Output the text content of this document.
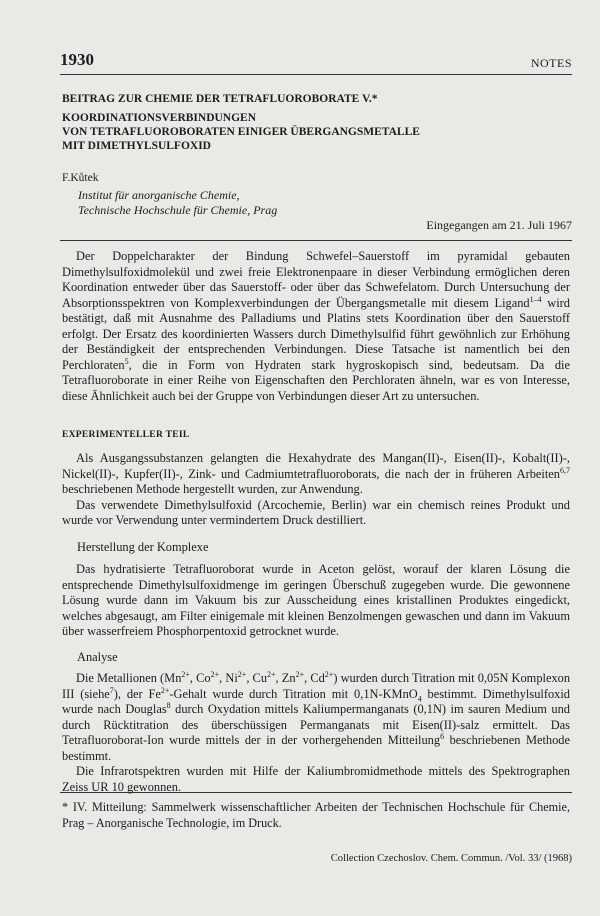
1930	NOTES
BEITRAG ZUR CHEMIE DER TETRAFLUOROBORATE V.*
KOORDINATIONSVERBINDUNGEN
VON TETRAFLUOROBORATEN EINIGER ÜBERGANGSMETALLE
MIT DIMETHYLSULFOXID
F.Kůtek
Institut für anorganische Chemie,
Technische Hochschule für Chemie, Prag
Eingegangen am 21. Juli 1967

Der Doppelcharakter der Bindung Schwefel–Sauerstoff im pyramidal gebauten Dimethylsulfoxidmolekül und zwei freie Elektronenpaare in dieser Verbindung ermöglichen deren Koordination entweder über das Sauerstoff- oder über das Schwefelatom. Durch Untersuchung der Absorptionsspektren von Komplexverbindungen der Übergangsmetalle mit diesem Ligand$^{1-4}$ wird bestätigt, daß mit Ausnahme des Palladiums und Platins stets Koordination über den Sauerstoff erfolgt. Der Ersatz des koordinierten Wassers durch Dimethylsulfid führt gewöhnlich zur Erhöhung der Beständigkeit der entsprechenden Verbindungen. Diese Tatsache ist namentlich bei den Perchloraten$^5$, die in Form von Hydraten stark hygroskopisch sind, bedeutsam. Da die Tetrafluoroborate in einer Reihe von Eigenschaften den Perchloraten ähneln, war es von Interesse, diese Ähnlichkeit auch bei der Gruppe von Verbindungen dieser Art zu untersuchen.

EXPERIMENTELLER TEIL

Als Ausgangssubstanzen gelangten die Hexahydrate des Mangan(II)-, Eisen(II)-, Kobalt(II)-, Nickel(II)-, Kupfer(II)-, Zink- und Cadmiumtetrafluoroborats, die nach der in früheren Arbeiten$^{6,7}$ beschriebenen Methode hergestellt wurden, zur Anwendung.

Das verwendete Dimethylsulfoxid (Arcochemie, Berlin) war ein chemisch reines Produkt und wurde vor Verwendung unter vermindertem Druck destilliert.

Herstellung der Komplexe

Das hydratisierte Tetrafluoroborat wurde in Aceton gelöst, worauf der klaren Lösung die entsprechende Dimethylsulfoxidmenge im geringen Überschuß zugegeben wurde. Die gewonnene Lösung wurde dann im Vakuum bis zur Ausscheidung eines kristallinen Produktes eingedickt, welches abgesaugt, am Filter einigemale mit kleinen Benzolmengen gewaschen und dann im Vakuum über wasserfreiem Phosphorpentoxid getrocknet wurde.

Analyse

Die Metallionen ($Mn^{2+}$, $Co^{2+}$, $Ni^{2+}$, $Cu^{2+}$, $Zn^{2+}$, $Cd^{2+}$) wurden durch Titration mit 0,05N Komplexon III (siehe$^7$), der $Fe^{2+}$-Gehalt wurde durch Titration mit 0,1N-KMnO$_4$ bestimmt. Dimethylsulfoxid wurde nach Douglas$^8$ durch Oxydation mittels Kaliumpermanganats (0,1N) im sauren Medium und durch Rücktitration des überschüssigen Permanganats mit Eisen(II)-salz ermittelt. Das Tetrafluoroborat-Ion wurde mittels der in der vorhergehenden Mitteilung$^6$ beschriebenen Methode bestimmt.

Die Infrarotspektren wurden mit Hilfe der Kaliumbromidmethode mittels des Spektrographen Zeiss UR 10 gewonnen.

* IV. Mitteilung: Sammelwerk wissenschaftlicher Arbeiten der Technischen Hochschule für Chemie, Prag – Anorganische Technologie, im Druck.
Collection Czechoslov. Chem. Commun. /Vol. 33/ (1968)
